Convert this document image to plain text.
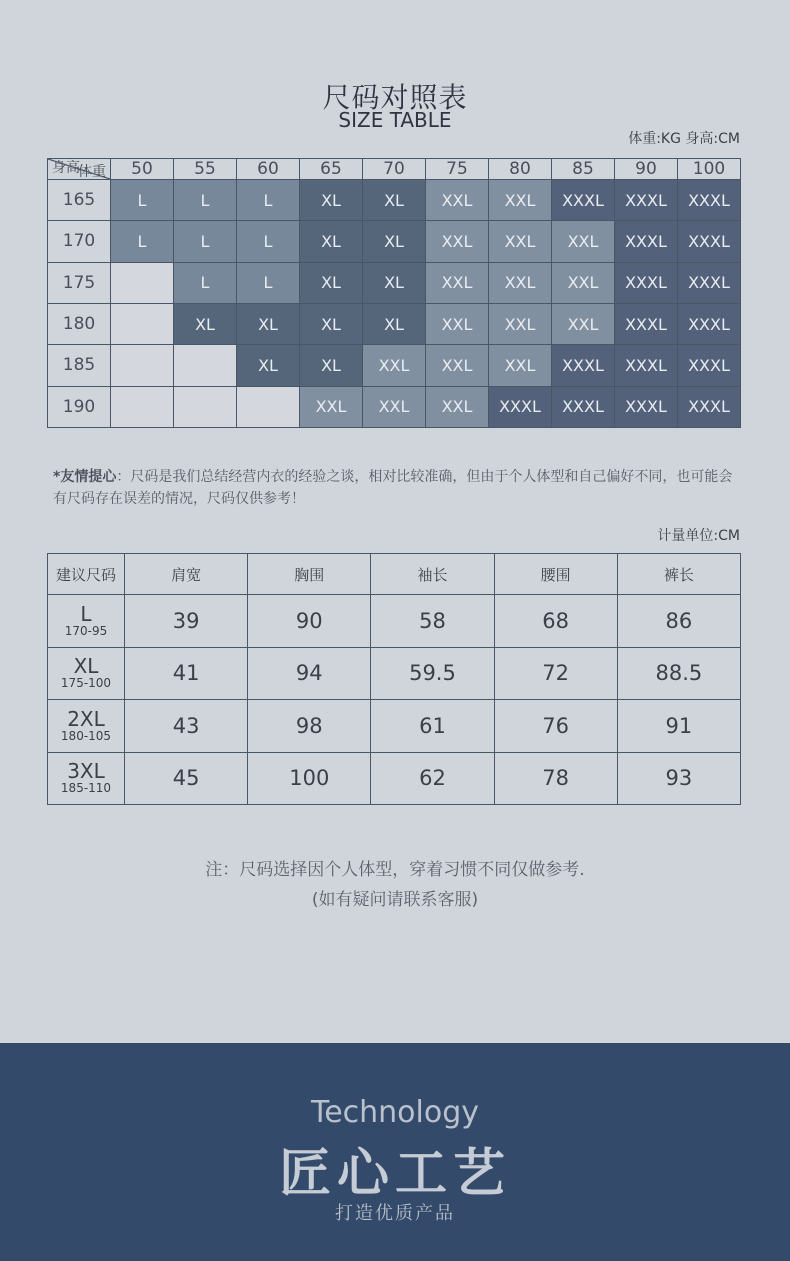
尺码对照表
SIZE TABLE
体重:KG 身高:CM
体重
身高	50	55	60	65	70	75	80	85	90	100
165	L	L	L	XL	XL	XXL	XXL	XXXL	XXXL	XXXL
170	L	L	L	XL	XL	XXL	XXL	XXL	XXXL	XXXL
175		L	L	XL	XL	XXL	XXL	XXL	XXXL	XXXL
180		XL	XL	XL	XL	XXL	XXL	XXL	XXXL	XXXL
185			XL	XL	XXL	XXL	XXL	XXXL	XXXL	XXXL
190				XXL	XXL	XXL	XXXL	XXXL	XXXL	XXXL
*友情提心：尺码是我们总结经营内衣的经验之谈，相对比较准确，但由于个人体型和自己偏好不同，也可能会有尺码存在误差的情况，尺码仅供参考！
计量单位:CM
建议尺码	肩宽	胸围	袖长	腰围	裤长

L
170-95	39	90	58	68	86

XL
175-100	41	94	59.5	72	88.5

2XL
180-105	43	98	61	76	91

3XL
185-110	45	100	62	78	93
注：尺码选择因个人体型，穿着习惯不同仅做参考.
(如有疑问请联系客服)
Technology
匠心工艺
打造优质产品
